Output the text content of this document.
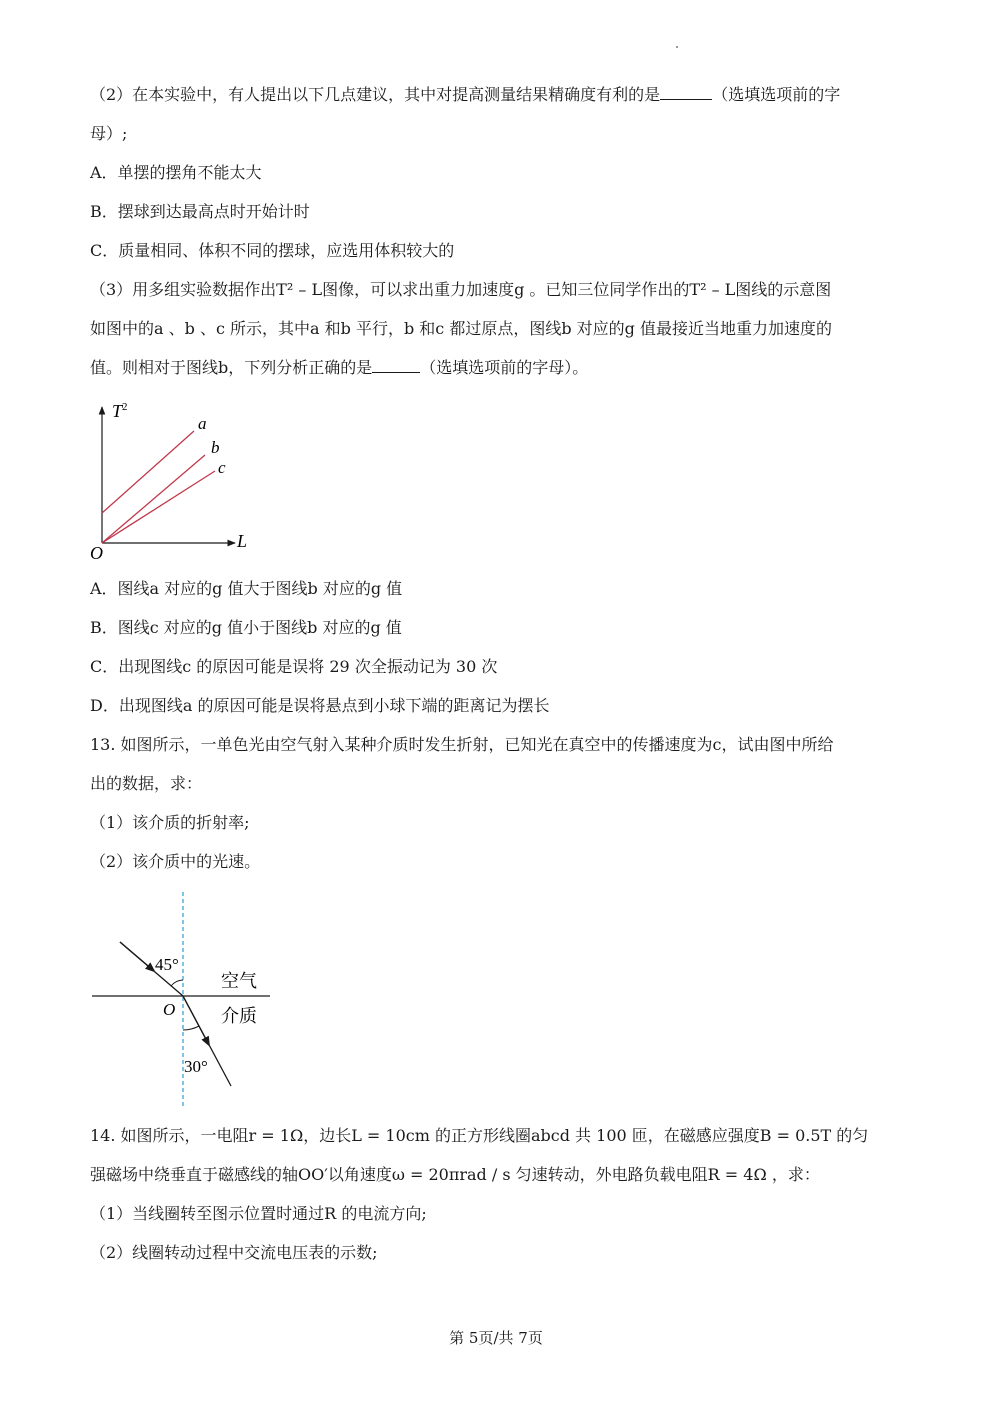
（2）在本实验中，有人提出以下几点建议，其中对提高测量结果精确度有利的是	（选填选项前的字
母）;
A．单摆的摆角不能太大
B．摆球到达最高点时开始计时
C．质量相同、体积不同的摆球，应选用体积较大的
（3）用多组实验数据作出T² – L图像，可以求出重力加速度g 。已知三位同学作出的T² – L图线的示意图
如图中的a 、b 、c 所示，其中a 和b 平行，b 和c 都过原点，图线b 对应的g 值最接近当地重力加速度的
值。则相对于图线b，下列分析正确的是	（选填选项前的字母）。
$T^2$
L
O
a
b
c
A．图线a 对应的g 值大于图线b 对应的g 值
B．图线c 对应的g 值小于图线b 对应的g 值
C．出现图线c 的原因可能是误将 29 次全振动记为 30 次
D．出现图线a 的原因可能是误将悬点到小球下端的距离记为摆长
13. 如图所示，一单色光由空气射入某种介质时发生折射，已知光在真空中的传播速度为c，试由图中所给
出的数据，求：
（1）该介质的折射率;
（2）该介质中的光速。
45°
30°
O
空气
介质
14. 如图所示，一电阻r = 1Ω，边长L = 10cm 的正方形线圈abcd 共 100 匝，在磁感应强度B = 0.5T 的匀
强磁场中绕垂直于磁感线的轴OO′以角速度ω = 20πrad / s 匀速转动，外电路负载电阻R = 4Ω ，求：
（1）当线圈转至图示位置时通过R 的电流方向;
（2）线圈转动过程中交流电压表的示数;
第 5页/共 7页
